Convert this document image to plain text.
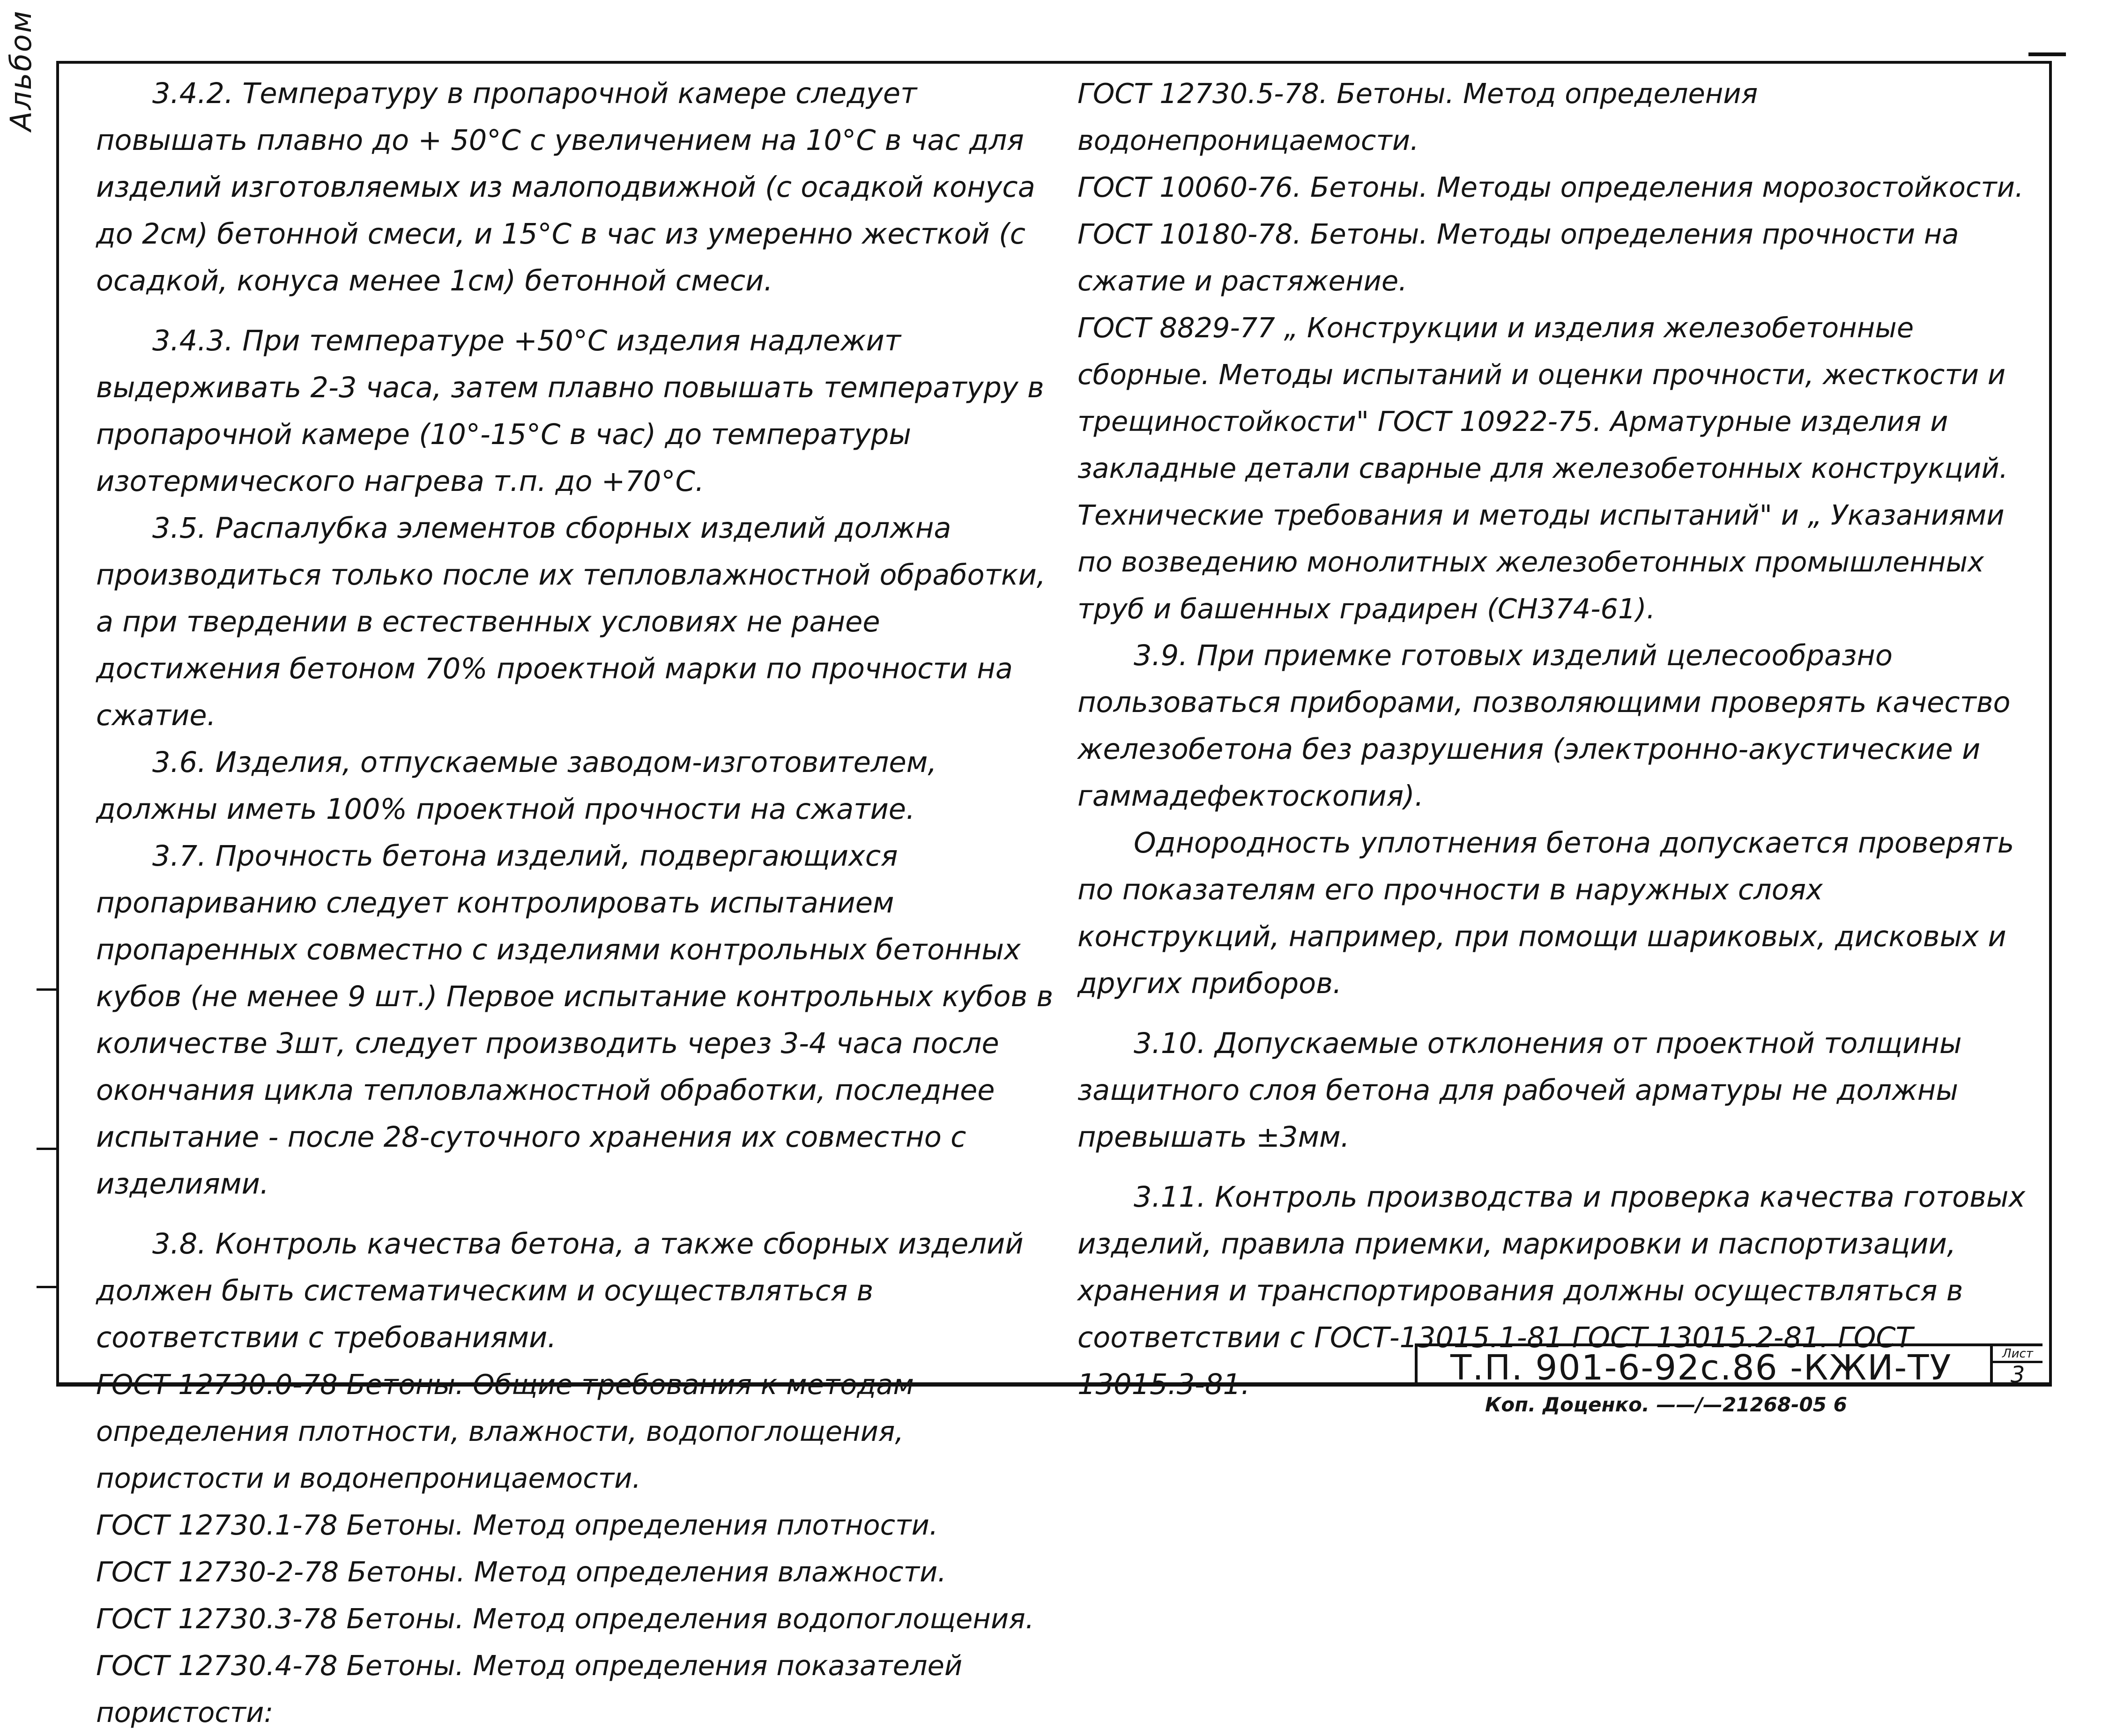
Альбом	3.4.2. Температуру в пропарочной камере следует повышать плавно до + 50°С с увеличением на 10°С в час для изделий изготовляемых из малоподвижной (с осадкой конуса до 2см) бетонной смеси, и 15°С в час из умеренно жесткой (с осадкой, конуса менее 1см) бетонной смеси.

3.4.3. При температуре +50°С изделия надлежит выдерживать 2-3 часа, затем плавно повышать температуру в пропарочной камере (10°-15°С в час) до температуры изотермического нагрева т.п. до +70°С.

3.5. Распалубка элементов сборных изделий должна производиться только после их тепловлажностной обработки, а при твердении в естественных условиях не ранее достижения бетоном 70% проектной марки по прочности на сжатие.

3.6. Изделия, отпускаемые заводом-изготовителем, должны иметь 100% проектной прочности на сжатие.

3.7. Прочность бетона изделий, подвергающихся пропариванию следует контролировать испытанием пропаренных совместно с изделиями контрольных бетонных кубов (не менее 9 шт.) Первое испытание контрольных кубов в количестве 3шт, следует производить через 3-4 часа после окончания цикла тепловлажностной обработки, последнее испытание - после 28-суточного хранения их совместно с изделиями.

3.8. Контроль качества бетона, а также сборных изделий должен быть систематическим и осуществляться в соответствии с требованиями.

ГОСТ 12730.0-78 Бетоны. Общие требования к методам определения плотности, влажности, водопоглощения, пористости и водонепроницаемости.

ГОСТ 12730.1-78 Бетоны. Метод определения плотности.

ГОСТ 12730-2-78 Бетоны. Метод определения влажности.

ГОСТ 12730.3-78 Бетоны. Метод определения водопоглощения.

ГОСТ 12730.4-78 Бетоны. Метод определения показателей пористости:

ГОСТ 12730.5-78. Бетоны. Метод определения водонепроницаемости.

ГОСТ 10060-76. Бетоны. Методы определения морозостойкости.

ГОСТ 10180-78. Бетоны. Методы определения прочности на сжатие и растяжение.

ГОСТ 8829-77 „ Конструкции и изделия железобетонные сборные. Методы испытаний и оценки прочности, жесткости и трещиностойкости" ГОСТ 10922-75. Арматурные изделия и закладные детали сварные для железобетонных конструкций. Технические требования и методы испытаний" и „ Указаниями по возведению монолитных железобетонных промышленных труб и башенных градирен (СН374-61).

3.9. При приемке готовых изделий целесообразно пользоваться приборами, позволяющими проверять качество железобетона без разрушения (электронно-акустические и гаммадефектоскопия).

Однородность уплотнения бетона допускается проверять по показателям его прочности в наружных слоях конструкций, например, при помощи шариковых, дисковых и других приборов.

3.10. Допускаемые отклонения от проектной толщины защитного слоя бетона для рабочей арматуры не должны превышать ±3мм.

3.11. Контроль производства и проверка качества готовых изделий, правила приемки, маркировки и паспортизации, хранения и транспортирования должны осуществляться в соответствии с ГОСТ-13015.1-81 ГОСТ 13015.2-81. ГОСТ 13015.3-81.	Т.П. 901-6-92с.86 -КЖИ-ТУ	Лист
3
Коп. Доценко. ——/—21268-05 6
